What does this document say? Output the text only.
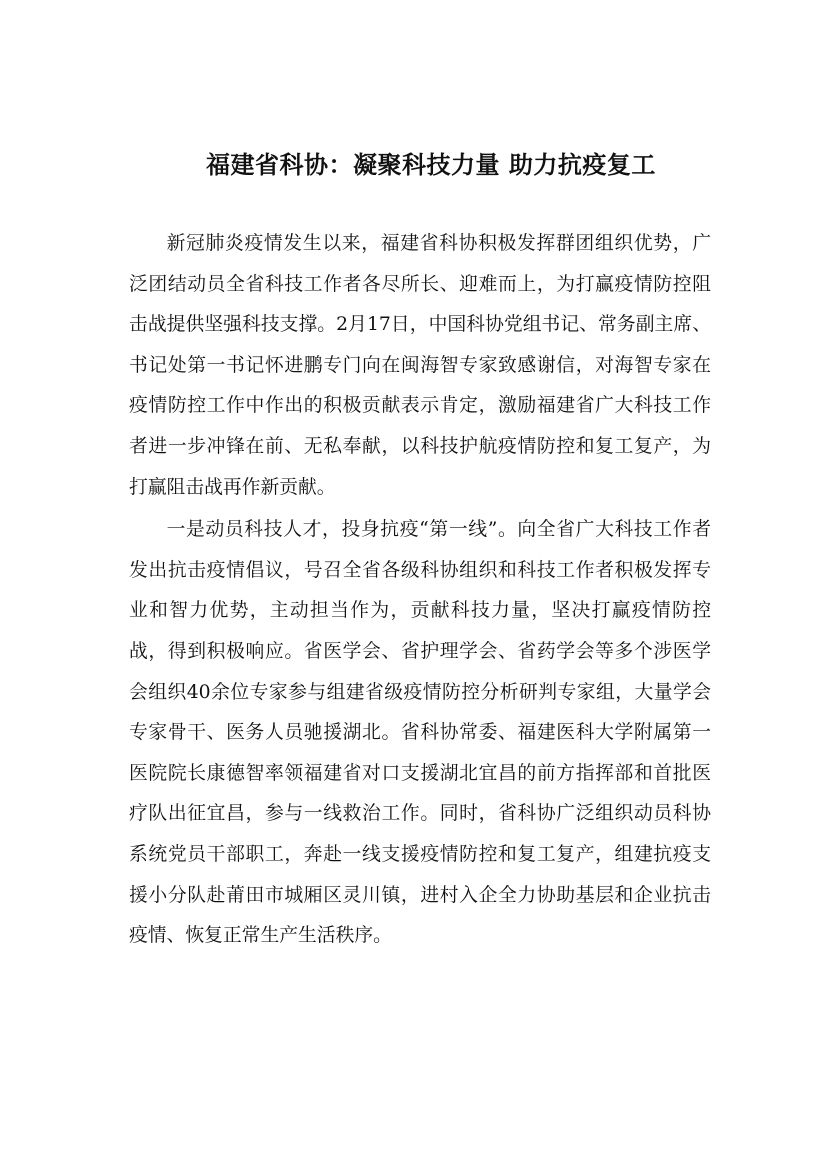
福建省科协：凝聚科技力量 助力抗疫复工

新冠肺炎疫情发生以来，福建省科协积极发挥群团组织优势，广泛团结动员全省科技工作者各尽所长、迎难而上，为打赢疫情防控阻击战提供坚强科技支撑。2月17日，中国科协党组书记、常务副主席、书记处第一书记怀进鹏专门向在闽海智专家致感谢信，对海智专家在疫情防控工作中作出的积极贡献表示肯定，激励福建省广大科技工作者进一步冲锋在前、无私奉献，以科技护航疫情防控和复工复产，为打赢阻击战再作新贡献。

一是动员科技人才，投身抗疫“第一线”。向全省广大科技工作者发出抗击疫情倡议，号召全省各级科协组织和科技工作者积极发挥专业和智力优势，主动担当作为，贡献科技力量，坚决打赢疫情防控战，得到积极响应。省医学会、省护理学会、省药学会等多个涉医学会组织40余位专家参与组建省级疫情防控分析研判专家组，大量学会专家骨干、医务人员驰援湖北。省科协常委、福建医科大学附属第一医院院长康德智率领福建省对口支援湖北宜昌的前方指挥部和首批医疗队出征宜昌，参与一线救治工作。同时，省科协广泛组织动员科协系统党员干部职工，奔赴一线支援疫情防控和复工复产，组建抗疫支援小分队赴莆田市城厢区灵川镇，进村入企全力协助基层和企业抗击疫情、恢复正常生产生活秩序。
